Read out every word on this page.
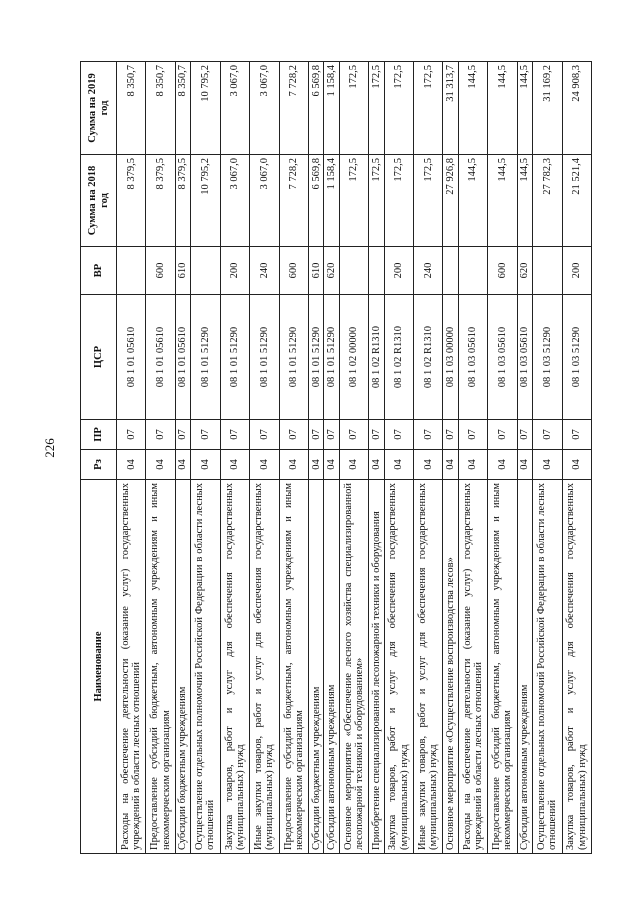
226
Наименование	Рз	ПР	ЦСР	ВР	Сумма на 2018 год	Сумма на 2019 год
Расходы на обеспечение деятельности (оказание услуг) государственных учреждений в области лесных отношений	04	07	08 1 01 05610		8 379,5	8 350,7
Предоставление субсидий бюджетным, автономным учреждениям и иным некоммерческим организациям	04	07	08 1 01 05610	600	8 379,5	8 350,7
Субсидии бюджетным учреждениям	04	07	08 1 01 05610	610	8 379,5	8 350,7
Осуществление отдельных полномочий Российской Федерации в области лесных отношений	04	07	08 1 01 51290		10 795,2	10 795,2
Закупка товаров, работ и услуг для обеспечения государственных (муниципальных) нужд	04	07	08 1 01 51290	200	3 067,0	3 067,0
Иные закупки товаров, работ и услуг для обеспечения государственных (муниципальных) нужд	04	07	08 1 01 51290	240	3 067,0	3 067,0
Предоставление субсидий бюджетным, автономным учреждениям и иным некоммерческим организациям	04	07	08 1 01 51290	600	7 728,2	7 728,2
Субсидии бюджетным учреждениям	04	07	08 1 01 51290	610	6 569,8	6 569,8
Субсидии автономным учреждениям	04	07	08 1 01 51290	620	1 158,4	1 158,4
Основное мероприятие «Обеспечение лесного хозяйства специализированной лесопожарной техникой и оборудованием»	04	07	08 1 02 00000		172,5	172,5
Приобретение специализированной лесопожарной техники и оборудования	04	07	08 1 02 R1310		172,5	172,5
Закупка товаров, работ и услуг для обеспечения государственных (муниципальных) нужд	04	07	08 1 02 R1310	200	172,5	172,5
Иные закупки товаров, работ и услуг для обеспечения государственных (муниципальных) нужд	04	07	08 1 02 R1310	240	172,5	172,5
Основное мероприятие «Осуществление воспроизводства лесов»	04	07	08 1 03 00000		27 926,8	31 313,7
Расходы на обеспечение деятельности (оказание услуг) государственных учреждений в области лесных отношений	04	07	08 1 03 05610		144,5	144,5
Предоставление субсидий бюджетным, автономным учреждениям и иным некоммерческим организациям	04	07	08 1 03 05610	600	144,5	144,5
Субсидии автономным учреждениям	04	07	08 1 03 05610	620	144,5	144,5
Осуществление отдельных полномочий Российской Федерации в области лесных отношений	04	07	08 1 03 51290		27 782,3	31 169,2
Закупка товаров, работ и услуг для обеспечения государственных (муниципальных) нужд	04	07	08 1 03 51290	200	21 521,4	24 908,3
